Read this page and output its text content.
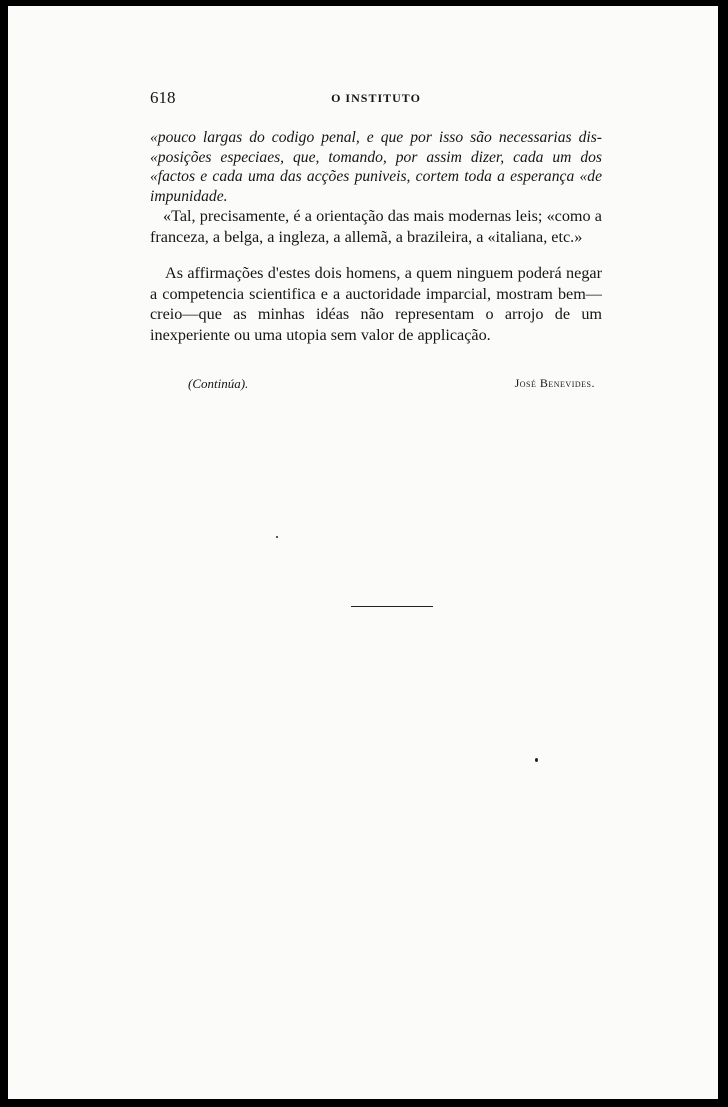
618	O INSTITUTO

«pouco largas do codigo penal, e que por isso são necessarias dis- «posições especiaes, que, tomando, por assim dizer, cada um dos «factos e cada uma das acções puniveis, cortem toda a esperança «de impunidade.

«Tal, precisamente, é a orientação das mais modernas leis; «como a franceza, a belga, a ingleza, a allemã, a brazileira, a «italiana, etc.»

As affirmações d'estes dois homens, a quem ninguem poderá negar a competencia scientifica e a auctoridade imparcial, mostram bem—creio—que as minhas idéas não representam o arrojo de um inexperiente ou uma utopia sem valor de applicação.

(Continúa).	José Benevides.
